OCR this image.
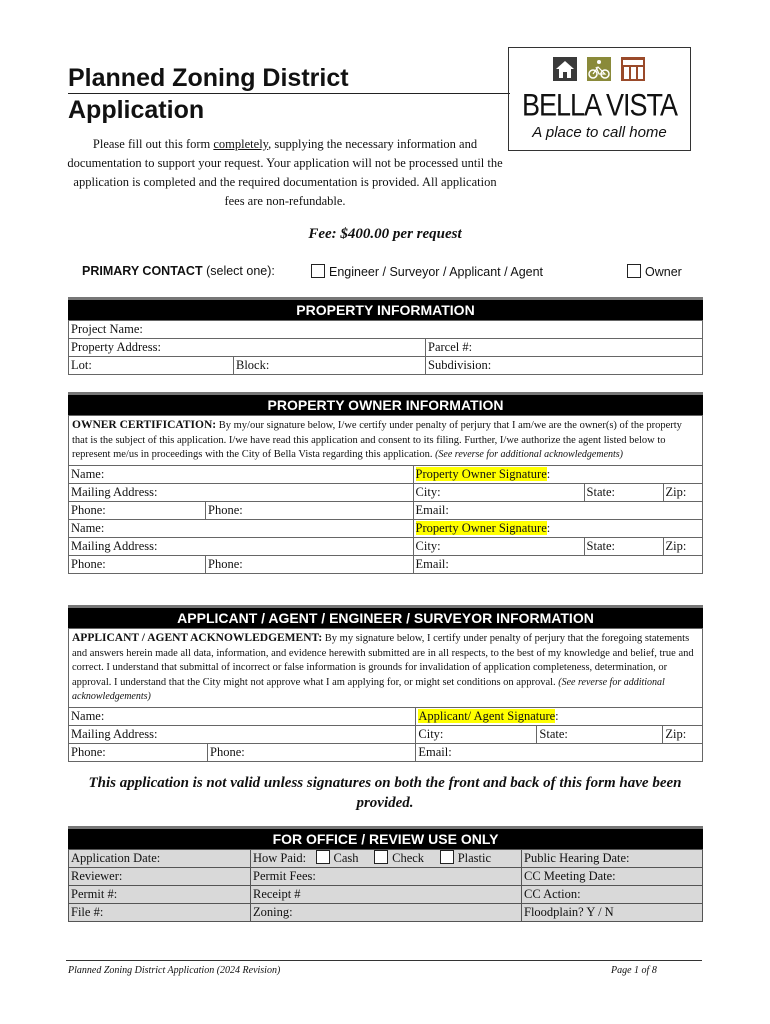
Planned Zoning District
Application
Please fill out this form completely, supplying the necessary information and documentation to support your request. Your application will not be processed until the application is completed and the required documentation is provided. All application fees are non-refundable.
BELLA VISTA
A place to call home
Fee: $400.00 per request
PRIMARY CONTACT (select one):	Engineer / Surveyor / Applicant / Agent	Owner
PROPERTY INFORMATION
Project Name:		
Property Address:		Parcel #:
Lot:	Block:	Subdivision:
PROPERTY OWNER INFORMATION
OWNER CERTIFICATION: By my/our signature below, I/we certify under penalty of perjury that I am/we are the owner(s) of the property that is the subject of this application. I/we have read this application and consent to its filing. Further, I/we authorize the agent listed below to represent me/us in proceedings with the City of Bella Vista regarding this application. (See reverse for additional acknowledgements)
Name:		Property Owner Signature:		
Mailing Address:		City:	State:	Zip:
Phone:	Phone:	Email:		
Name:		Property Owner Signature:		
Mailing Address:		City:	State:	Zip:
Phone:	Phone:	Email:		
APPLICANT / AGENT / ENGINEER / SURVEYOR INFORMATION
APPLICANT / AGENT ACKNOWLEDGEMENT: By my signature below, I certify under penalty of perjury that the foregoing statements and answers herein made all data, information, and evidence herewith submitted are in all respects, to the best of my knowledge and belief, true and correct. I understand that submittal of incorrect or false information is grounds for invalidation of application completeness, determination, or approval. I understand that the City might not approve what I am applying for, or might set conditions on approval. (See reverse for additional acknowledgements)
Name:		Applicant/ Agent Signature:		
Mailing Address:		City:	State:	Zip:
Phone:	Phone:	Email:		
This application is not valid unless signatures on both the front and back of this form have been provided.
FOR OFFICE / REVIEW USE ONLY
Application Date:	How Paid: Cash Check Plastic	Public Hearing Date:
Reviewer:	Permit Fees:	CC Meeting Date:
Permit #:	Receipt #	CC Action:
File #:	Zoning:	Floodplain? Y / N
Planned Zoning District Application (2024 Revision)	Page 1 of 8
